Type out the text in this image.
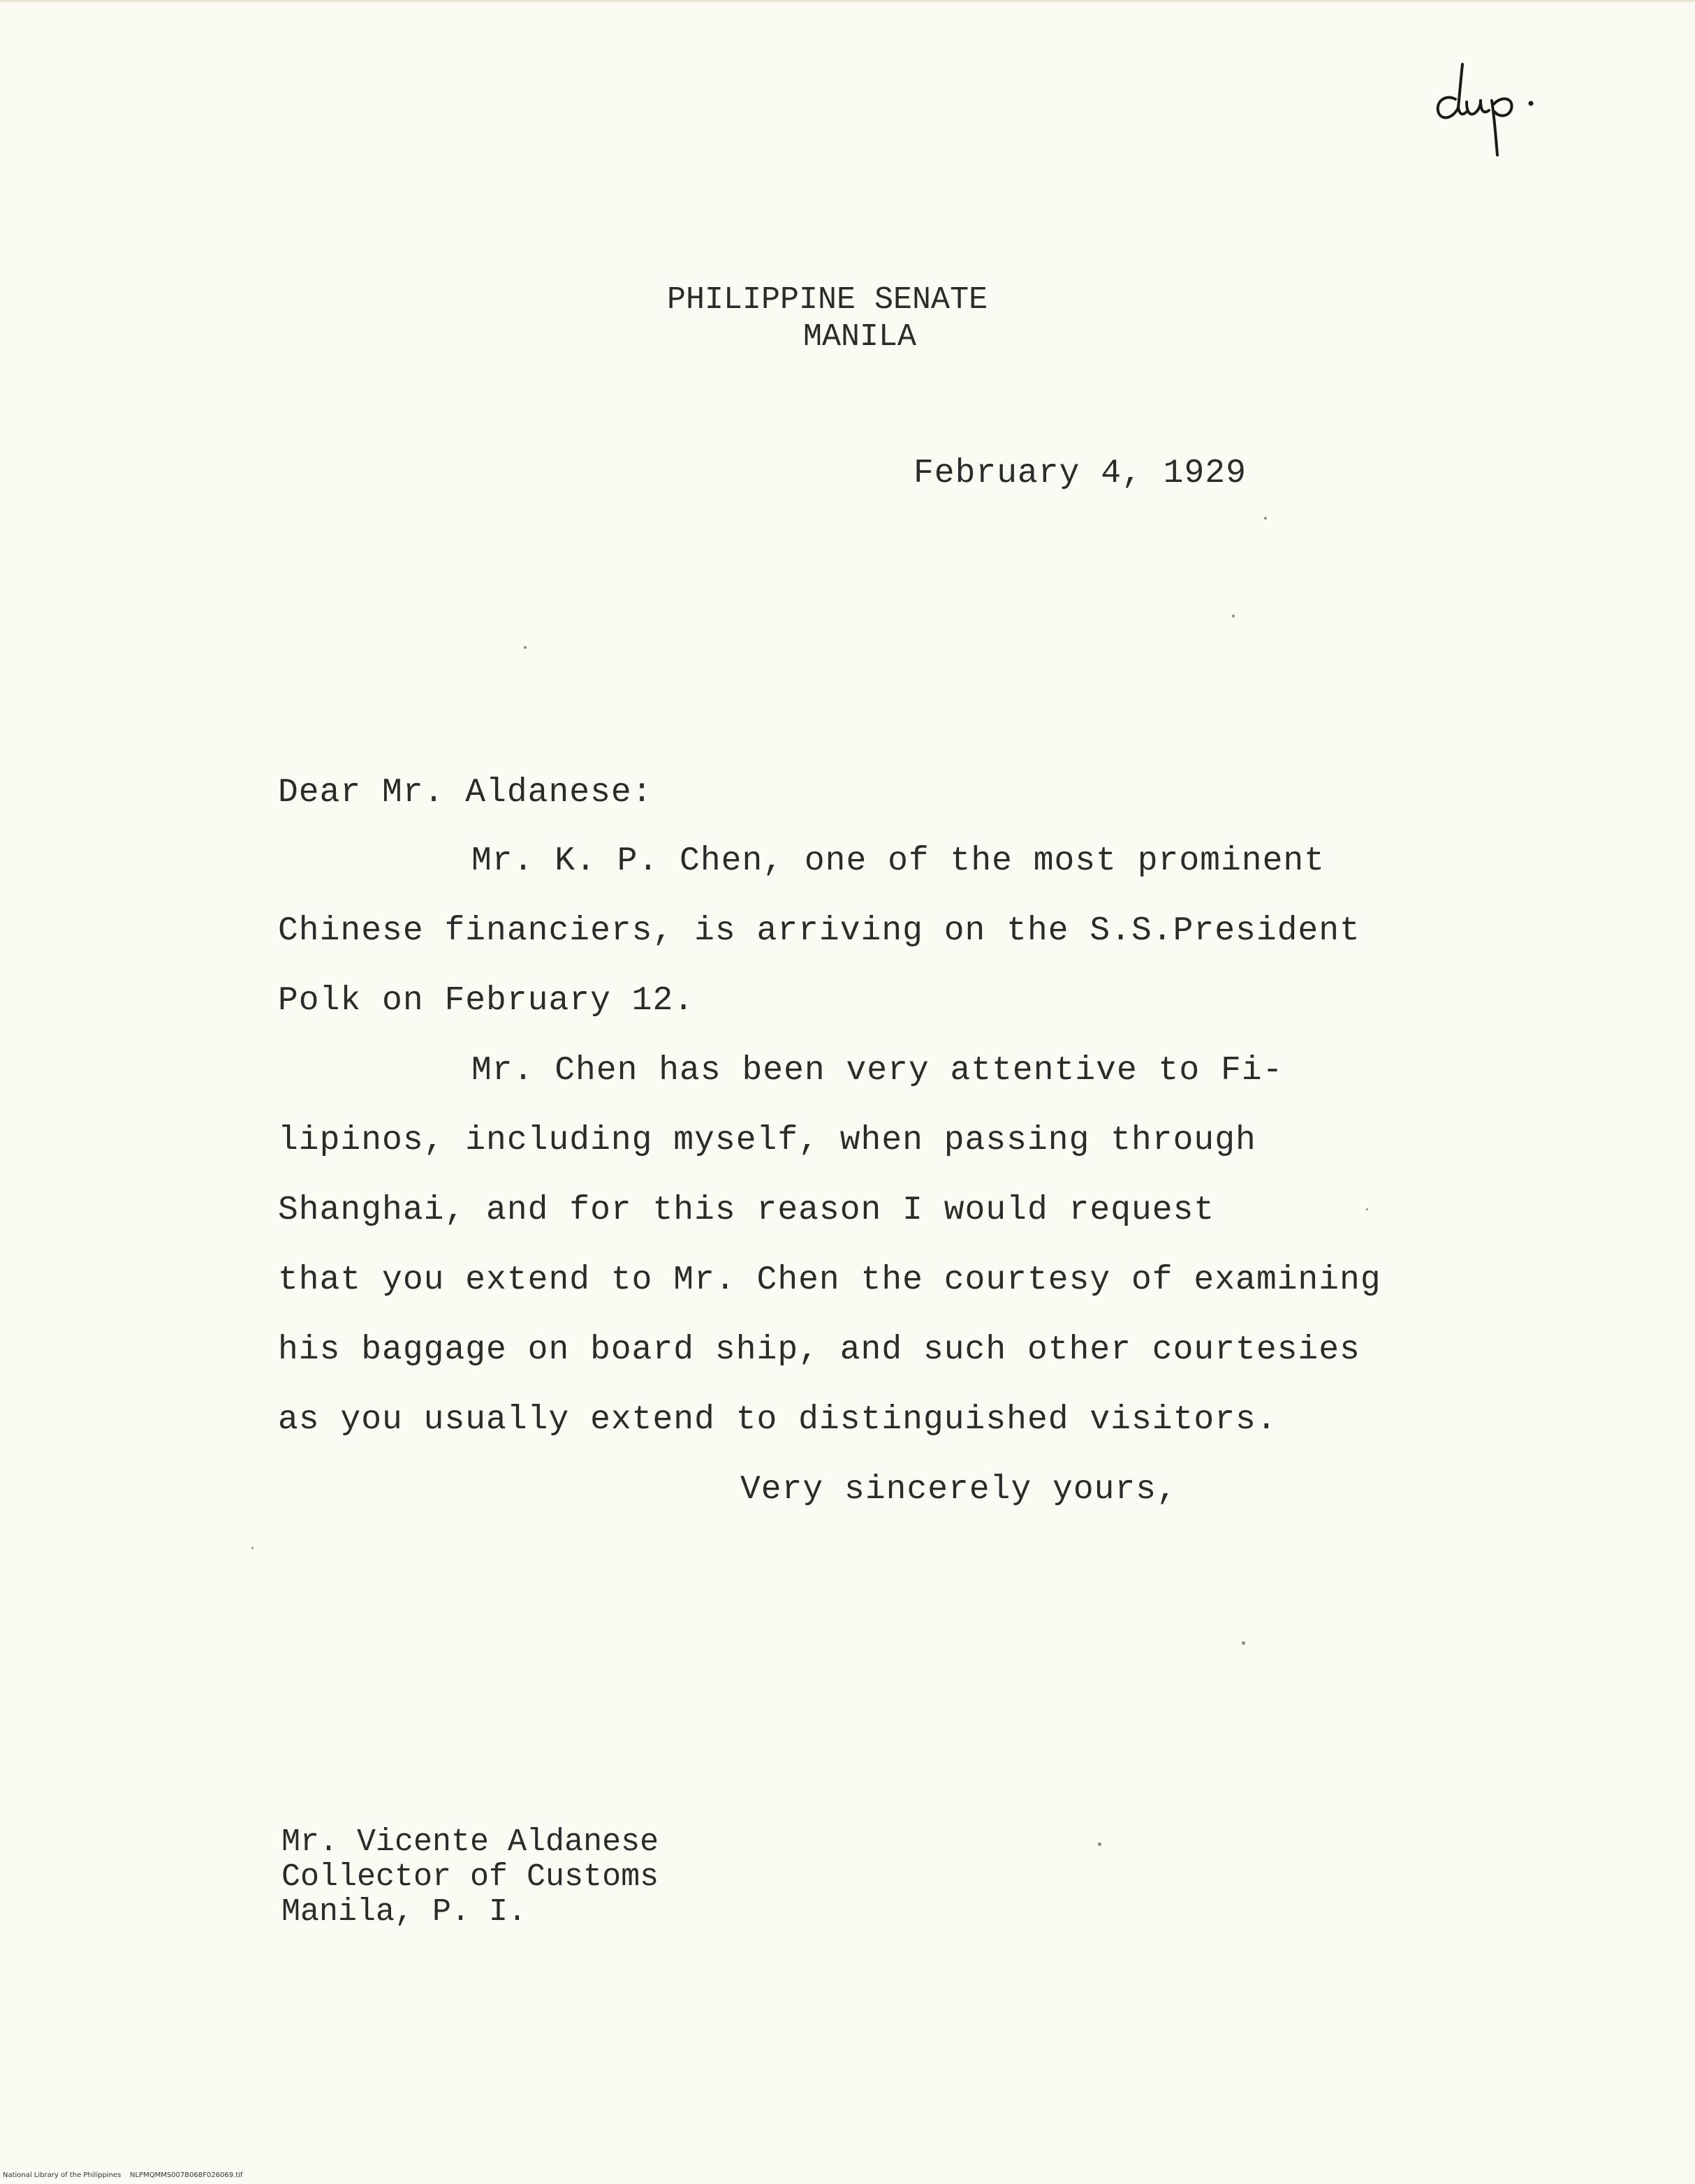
PHILIPPINE SENATE
MANILA
February 4, 1929
Dear Mr. Aldanese:
Mr. K. P. Chen, one of the most prominent
Chinese financiers, is arriving on the S.S.President
Polk on February 12.
Mr. Chen has been very attentive to Fi-
lipinos, including myself, when passing through
Shanghai, and for this reason I would request
that you extend to Mr. Chen the courtesy of examining
his baggage on board ship, and such other courtesies
as you usually extend to distinguished visitors.
Very sincerely yours,
Mr. Vicente Aldanese
Collector of Customs
Manila, P. I.
National Library of the Philippines    NLPMQMMS007B068F026069.tif
